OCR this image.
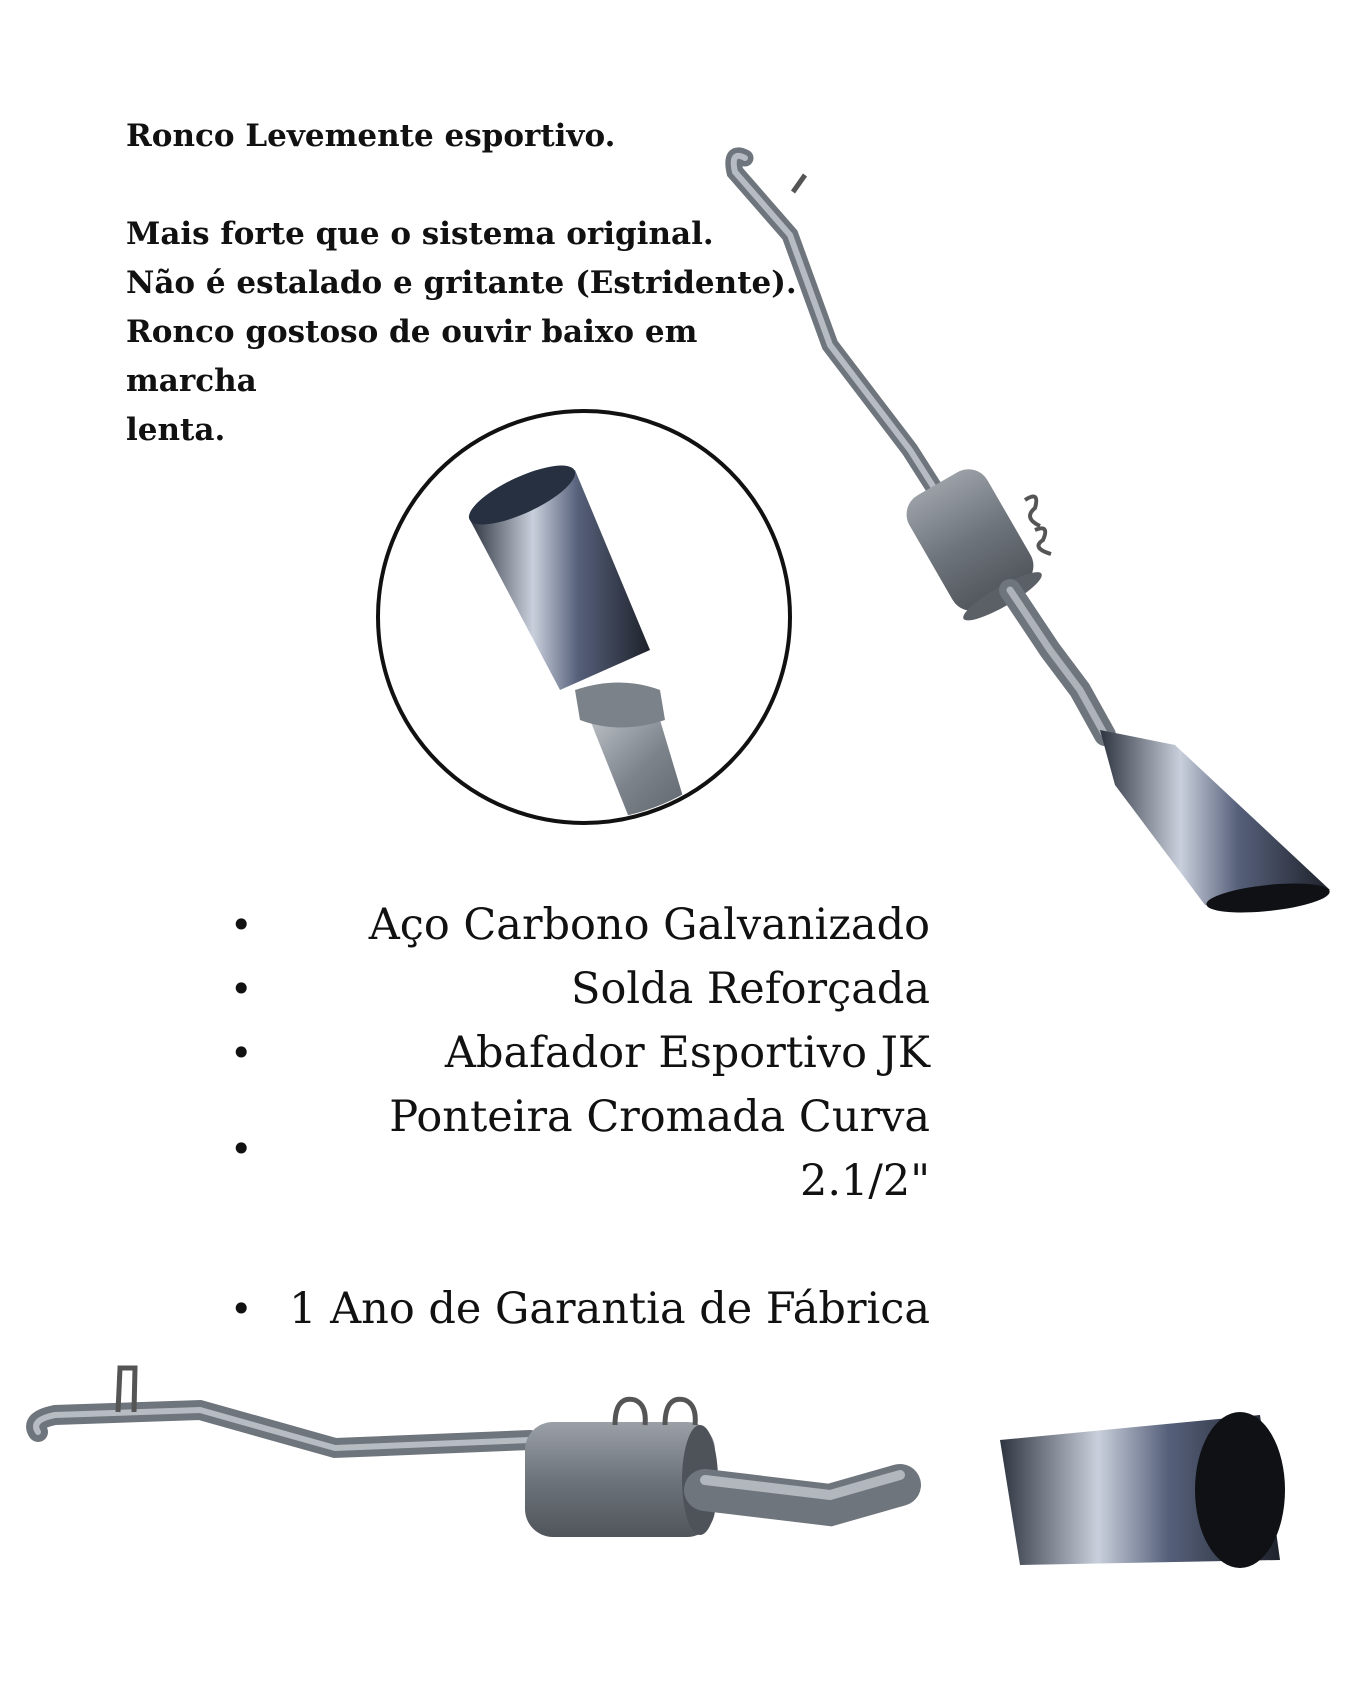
Ronco Levemente esportivo.

Mais forte que o sistema original.

Não é estalado e gritante (Estridente).

Ronco gostoso de ouvir baixo em marcha

lenta.

•	Aço Carbono Galvanizado
•	Solda Reforçada
•	Abafador Esportivo JK
•
Ponteira Cromada Curva 2.1/2"
• 1 Ano de Garantia de Fábrica
